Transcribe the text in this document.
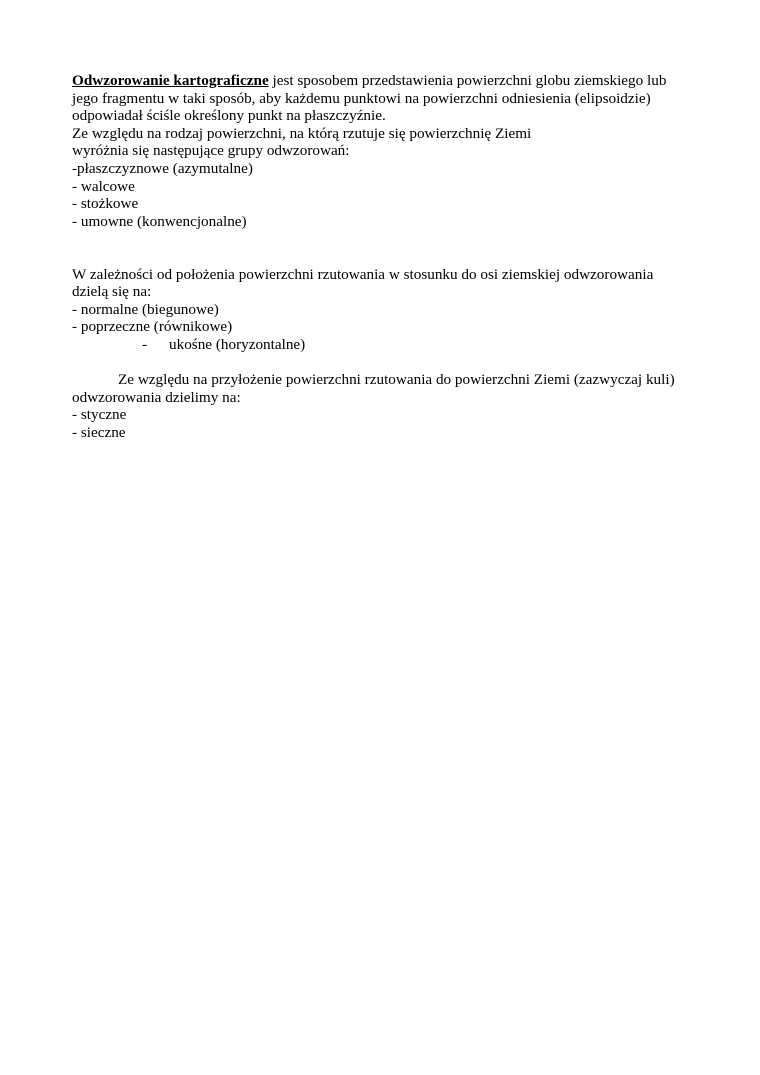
Odwzorowanie kartograficzne jest sposobem przedstawienia powierzchni globu ziemskiego lub
jego fragmentu w taki sposób, aby każdemu punktowi na powierzchni odniesienia (elipsoidzie)
odpowiadał ściśle określony punkt na płaszczyźnie.
Ze względu na rodzaj powierzchni, na którą rzutuje się powierzchnię Ziemi
wyróżnia się następujące grupy odwzorowań:
-płaszczyznowe (azymutalne)
- walcowe
- stożkowe
- umowne (konwencjonalne)
W zależności od położenia powierzchni rzutowania w stosunku do osi ziemskiej odwzorowania
dzielą się na:
- normalne (biegunowe)
- poprzeczne (równikowe)
- ukośne (horyzontalne)
Ze względu na przyłożenie powierzchni rzutowania do powierzchni Ziemi (zazwyczaj kuli)
odwzorowania dzielimy na:
- styczne
- sieczne
